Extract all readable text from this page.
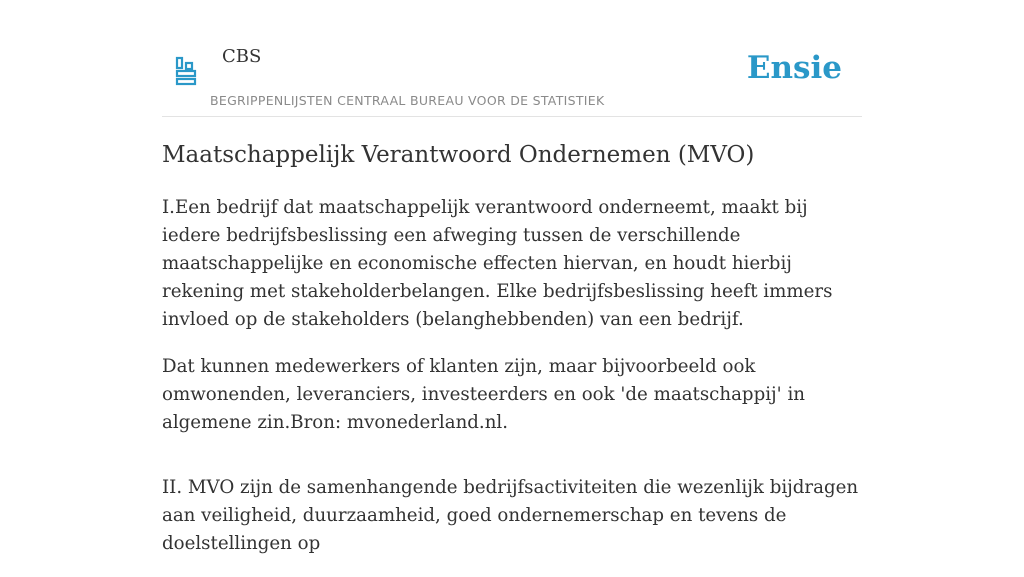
CBS
BEGRIPPENLIJSTEN CENTRAAL BUREAU VOOR DE STATISTIEK
Ensie
Maatschappelijk Verantwoord Ondernemen (MVO)

I.Een bedrijf dat maatschappelijk verantwoord onderneemt, maakt bij iedere bedrijfsbeslissing een afweging tussen de verschillende maatschappelijke en economische effecten hiervan, en houdt hierbij rekening met stakeholderbelangen. Elke bedrijfsbeslissing heeft immers invloed op de stakeholders (belanghebbenden) van een bedrijf.

Dat kunnen medewerkers of klanten zijn, maar bijvoorbeeld ook omwonenden, leveranciers, investeerders en ook 'de maatschappij' in algemene zin.Bron: mvonederland.nl.

II. MVO zijn de samenhangende bedrijfsactiviteiten die wezenlijk bijdragen aan veiligheid, duurzaamheid, goed ondernemerschap en tevens de doelstellingen op
